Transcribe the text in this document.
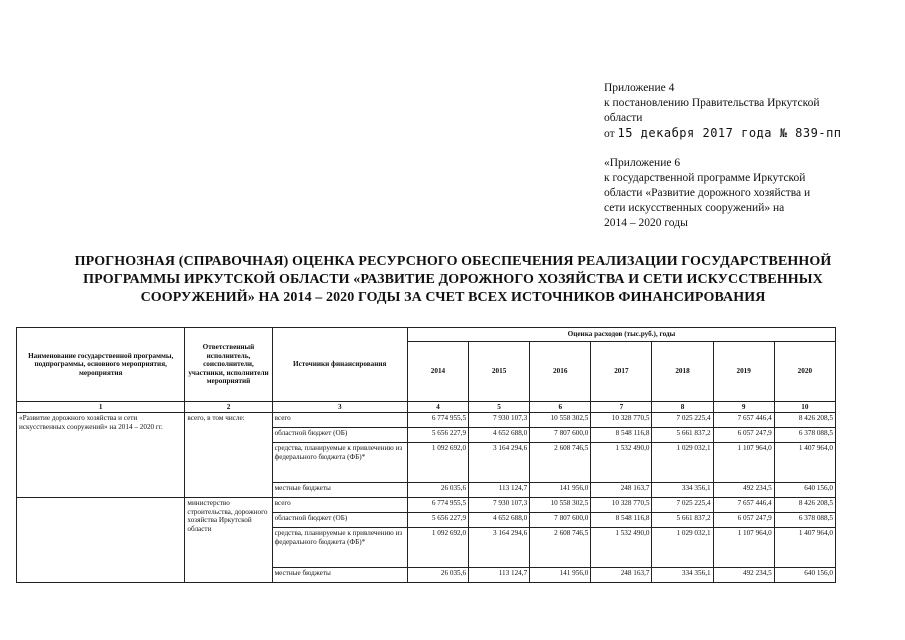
Приложение 4
к постановлению Правительства Иркутской
области
от 15 декабря 2017 года № 839-пп
«Приложение 6
к государственной программе Иркутской
области «Развитие дорожного хозяйства и
сети искусственных сооружений» на
2014 – 2020 годы
ПРОГНОЗНАЯ (СПРАВОЧНАЯ) ОЦЕНКА РЕСУРСНОГО ОБЕСПЕЧЕНИЯ РЕАЛИЗАЦИИ ГОСУДАРСТВЕННОЙ
ПРОГРАММЫ ИРКУТСКОЙ ОБЛАСТИ «РАЗВИТИЕ ДОРОЖНОГО ХОЗЯЙСТВА И СЕТИ ИСКУССТВЕННЫХ
СООРУЖЕНИЙ» НА 2014 – 2020 ГОДЫ ЗА СЧЕТ ВСЕХ ИСТОЧНИКОВ ФИНАНСИРОВАНИЯ
Наименование государственной программы, подпрограммы, основного мероприятия, мероприятия	Ответственный исполнитель, соисполнители, участники, исполнители мероприятий	Источники финансирования	Оценка расходов (тыс.руб.), годы						
			2014	2015	2016	2017	2018	2019	2020
1	2	3	4	5	6	7	8	9	10
«Развитие дорожного хозяйства и сети искусственных сооружений» на 2014 – 2020 гг.	всего, в том числе:	всего	6 774 955,5	7 930 107,3	10 558 302,5	10 328 770,5	7 025 225,4	7 657 446,4	8 426 208,5
		областной бюджет (ОБ)	5 656 227,9	4 652 688,0	7 807 600,0	8 548 116,8	5 661 837,2	6 057 247,9	6 378 088,5
		средства, планируемые к привлечению из федерального бюджета (ФБ)*	1 092 692,0	3 164 294,6	2 608 746,5	1 532 490,0	1 029 032,1	1 107 964,0	1 407 964,0
		местные бюджеты	26 035,6	113 124,7	141 956,0	248 163,7	334 356,1	492 234,5	640 156,0
	министерство строительства, дорожного хозяйства Иркутской области	всего	6 774 955,5	7 930 107,3	10 558 302,5	10 328 770,5	7 025 225,4	7 657 446,4	8 426 208,5
		областной бюджет (ОБ)	5 656 227,9	4 652 688,0	7 807 600,0	8 548 116,8	5 661 837,2	6 057 247,9	6 378 088,5
		средства, планируемые к привлечению из федерального бюджета (ФБ)*	1 092 692,0	3 164 294,6	2 608 746,5	1 532 490,0	1 029 032,1	1 107 964,0	1 407 964,0
		местные бюджеты	26 035,6	113 124,7	141 956,0	248 163,7	334 356,1	492 234,5	640 156,0
